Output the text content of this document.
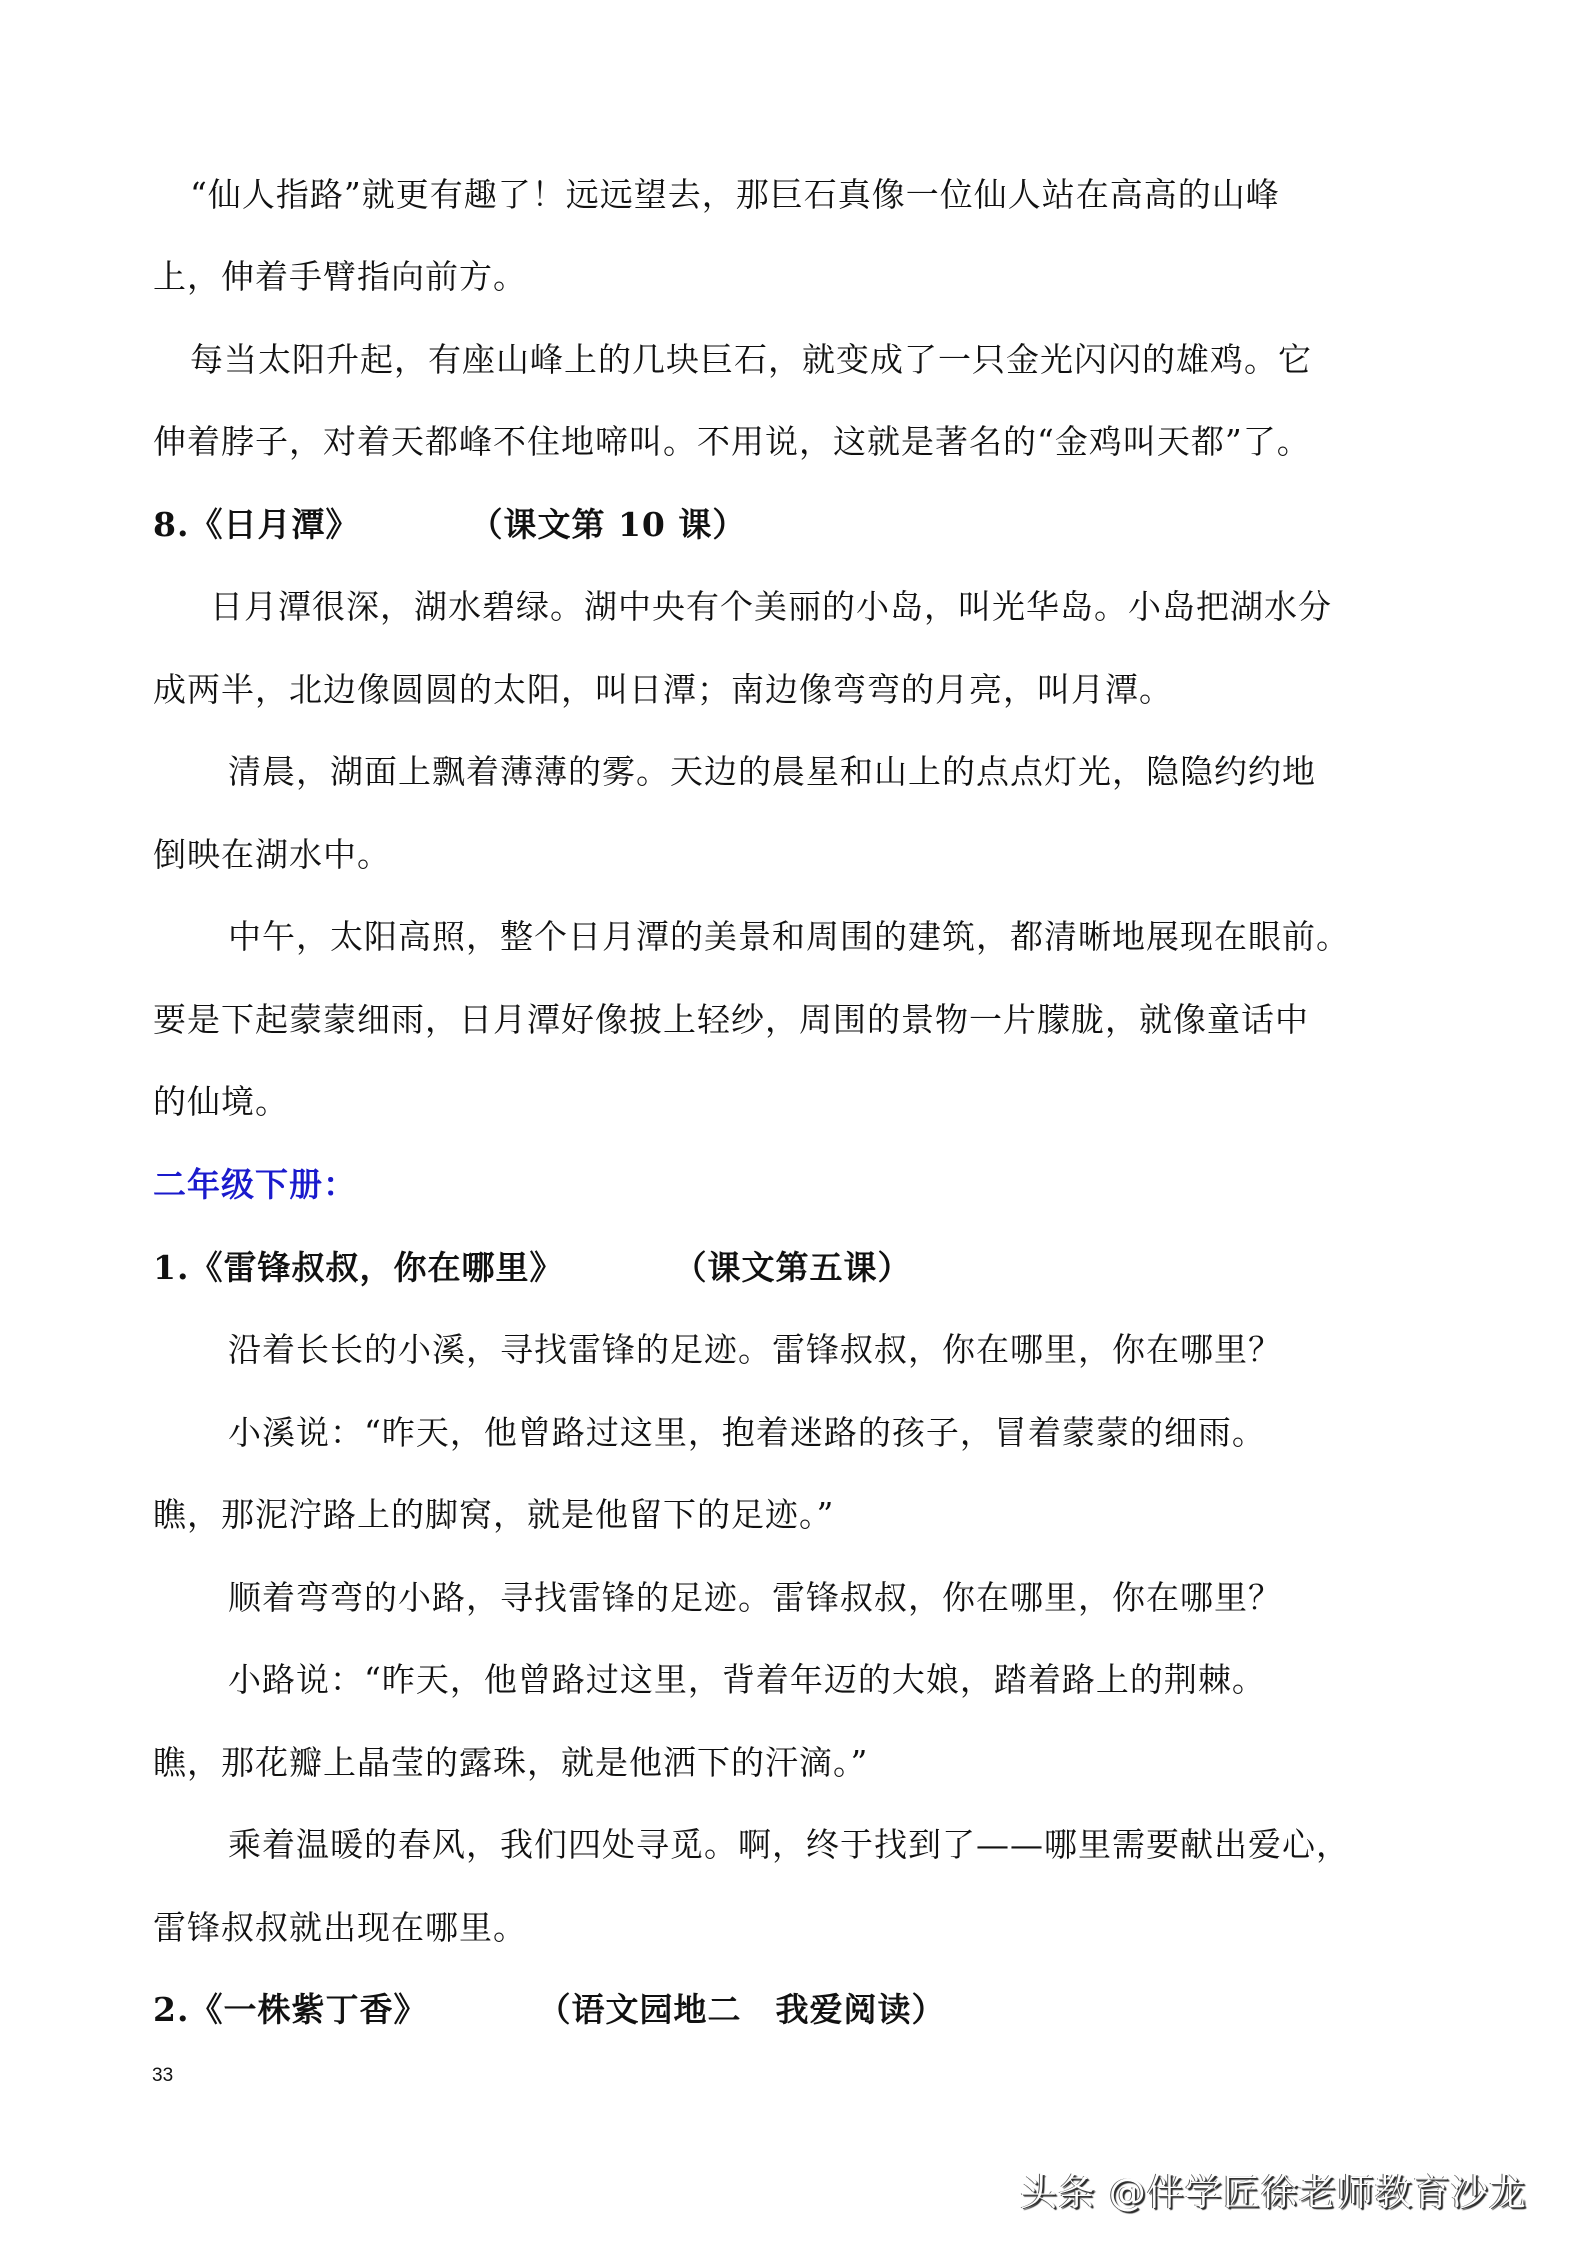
“仙人指路”就更有趣了！远远望去，那巨石真像一位仙人站在高高的山峰
上，伸着手臂指向前方。
每当太阳升起，有座山峰上的几块巨石，就变成了一只金光闪闪的雄鸡。它
伸着脖子，对着天都峰不住地啼叫。不用说，这就是著名的“金鸡叫天都”了。
8.《日月潭》	（课文第 10 课）
日月潭很深，湖水碧绿。湖中央有个美丽的小岛，叫光华岛。小岛把湖水分
成两半，北边像圆圆的太阳，叫日潭；南边像弯弯的月亮，叫月潭。
清晨，湖面上飘着薄薄的雾。天边的晨星和山上的点点灯光，隐隐约约地
倒映在湖水中。
中午，太阳高照，整个日月潭的美景和周围的建筑，都清晰地展现在眼前。
要是下起蒙蒙细雨，日月潭好像披上轻纱，周围的景物一片朦胧，就像童话中
的仙境。
二年级下册：
1.《雷锋叔叔，你在哪里》	（课文第五课）
沿着长长的小溪，寻找雷锋的足迹。雷锋叔叔，你在哪里，你在哪里？
小溪说：“昨天，他曾路过这里，抱着迷路的孩子，冒着蒙蒙的细雨。
瞧，那泥泞路上的脚窝，就是他留下的足迹。”
顺着弯弯的小路，寻找雷锋的足迹。雷锋叔叔，你在哪里，你在哪里？
小路说：“昨天，他曾路过这里，背着年迈的大娘，踏着路上的荆棘。
瞧，那花瓣上晶莹的露珠，就是他洒下的汗滴。”
乘着温暖的春风，我们四处寻觅。啊，终于找到了——哪里需要献出爱心，
雷锋叔叔就出现在哪里。
2.《一株紫丁香》	（语文园地二　我爱阅读）
33
头条 @伴学匠徐老师教育沙龙
